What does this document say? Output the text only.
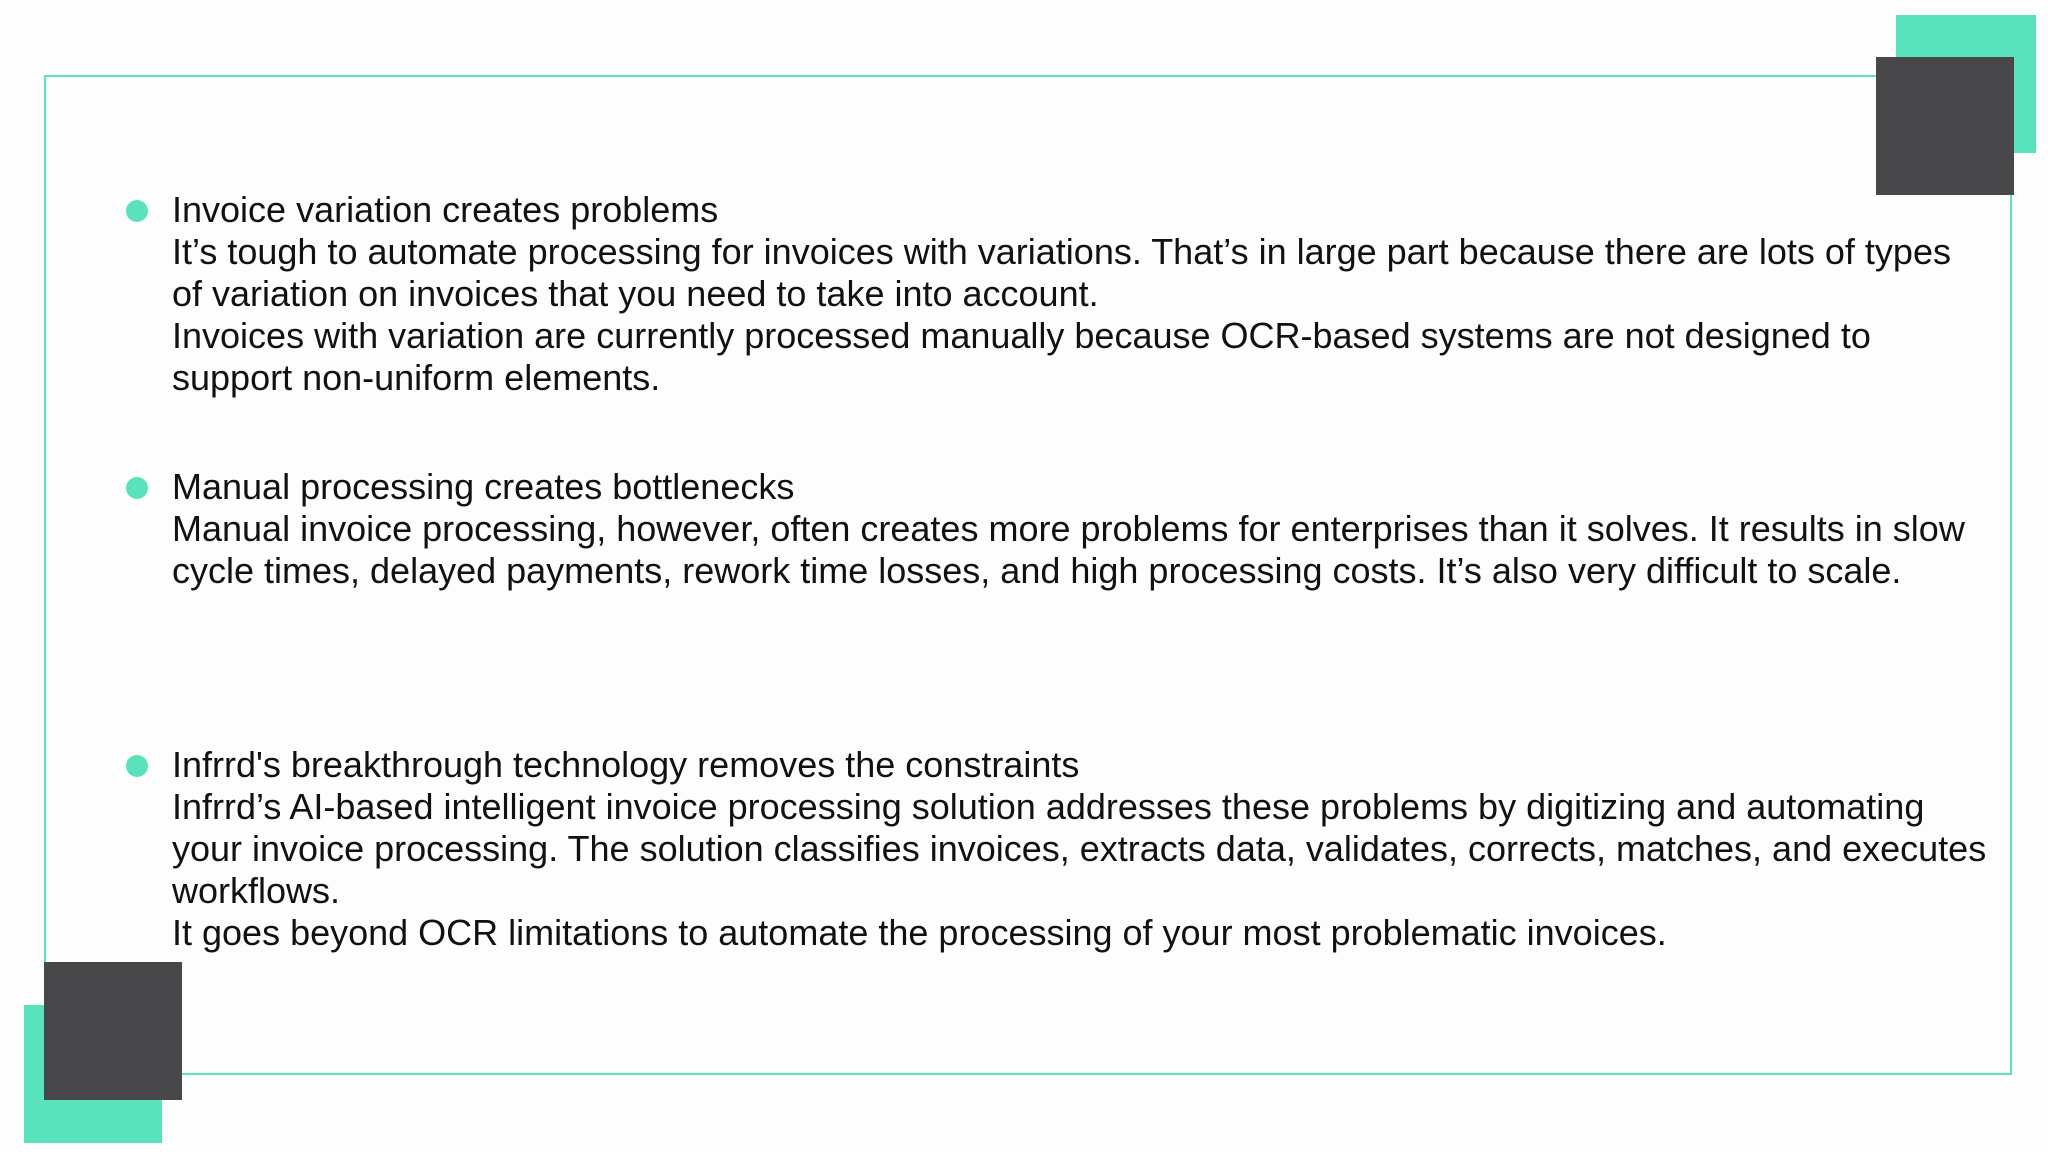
Invoice variation creates problems

It’s tough to automate processing for invoices with variations. That’s in large part because there are lots of types of variation on invoices that you need to take into account.

Invoices with variation are currently processed manually because OCR-based systems are not designed to support non-uniform elements.

Manual processing creates bottlenecks

Manual invoice processing, however, often creates more problems for enterprises than it solves. It results in slow cycle times, delayed payments, rework time losses, and high processing costs. It’s also very difficult to scale.

Infrrd's breakthrough technology removes the constraints

Infrrd’s AI-based intelligent invoice processing solution addresses these problems by digitizing and automating your invoice processing. The solution classifies invoices, extracts data, validates, corrects, matches, and executes workflows.

It goes beyond OCR limitations to automate the processing of your most problematic invoices.
